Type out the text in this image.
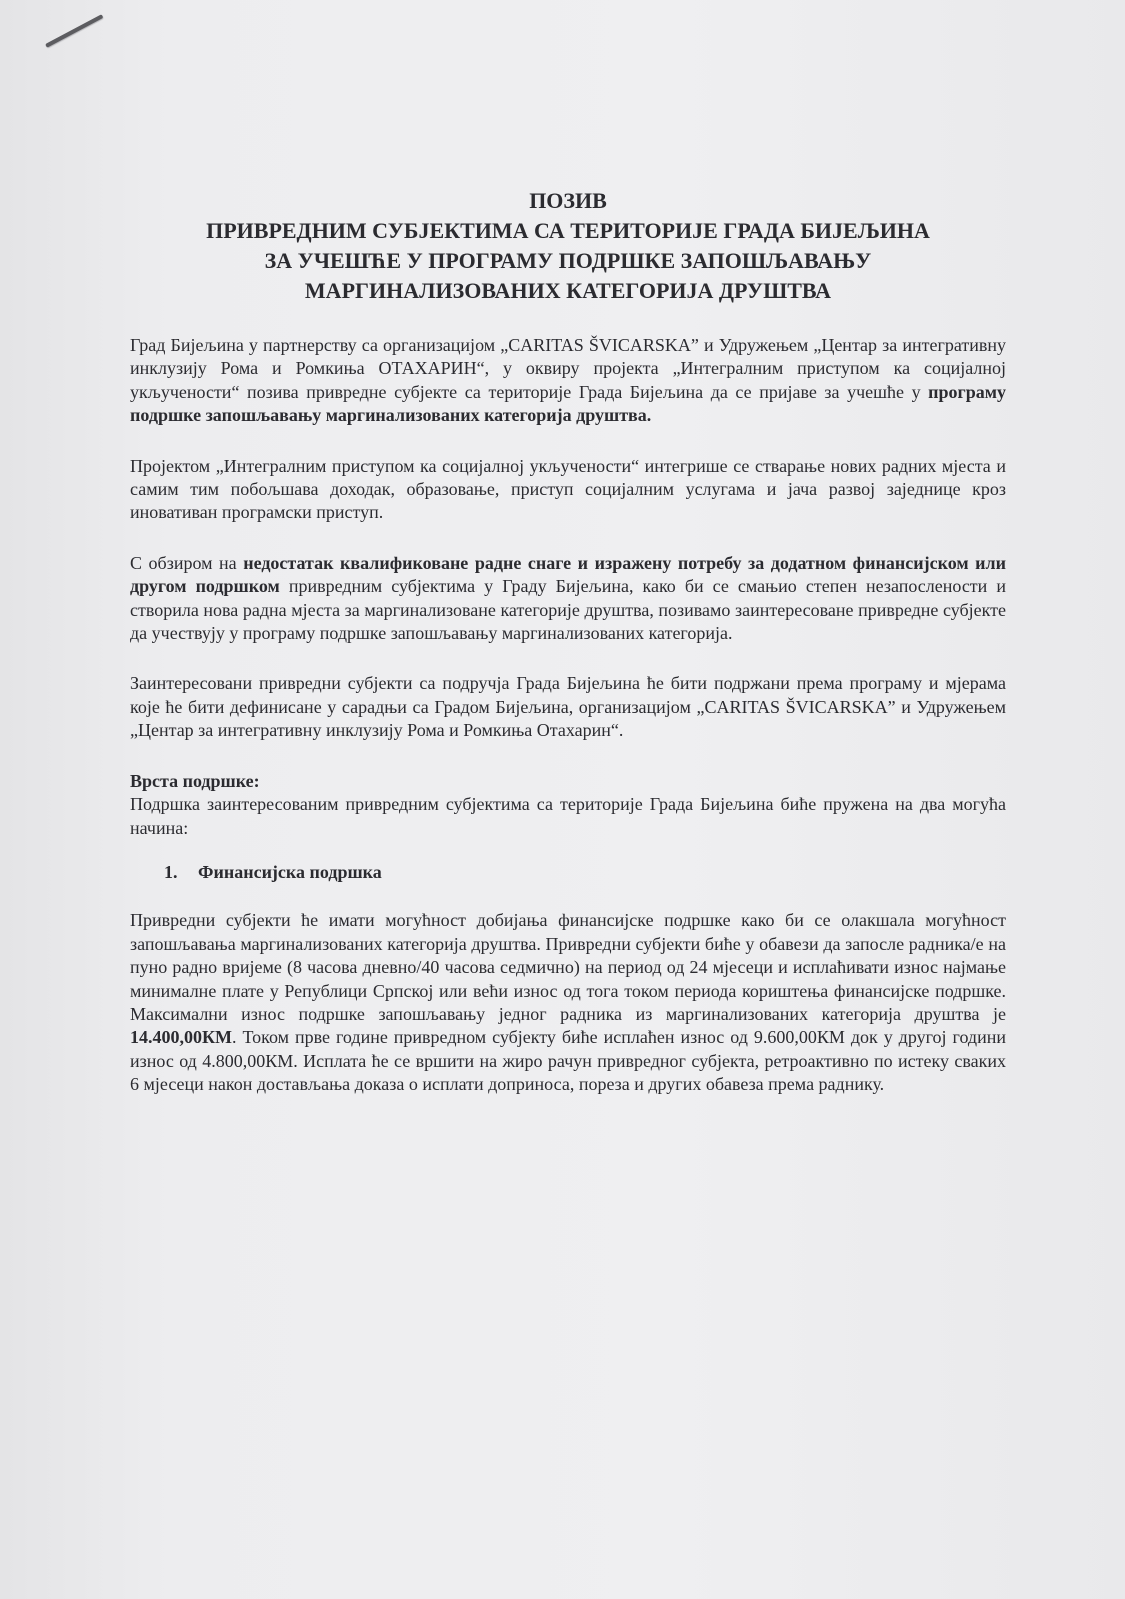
ПОЗИВ
ПРИВРЕДНИМ СУБЈЕКТИМА СА ТЕРИТОРИЈЕ ГРАДА БИЈЕЉИНА
ЗА УЧЕШЋЕ У ПРОГРАМУ ПОДРШКЕ ЗАПОШЉАВАЊУ
МАРГИНАЛИЗОВАНИХ КАТЕГОРИЈА ДРУШТВА

Град Бијељина у партнерству са организацијом „CARITAS ŠVICARSKA” и Удружењем „Центар за интегративну инклузију Рома и Ромкиња ОТАХАРИН“, у оквиру пројекта „Интегралним приступом ка социјалној укључености“ позива привредне субјекте са територије Града Бијељина да се пријаве за учешће у програму подршке запошљавању маргинализованих категорија друштва.

Пројектом „Интегралним приступом ка социјалној укључености“ интегрише се стварање нових радних мјеста и самим тим побољшава доходак, образовање, приступ социјалним услугама и јача развој заједнице кроз иновативан програмски приступ.

С обзиром на недостатак квалификоване радне снаге и изражену потребу за додатном финансијском или другом подршком привредним субјектима у Граду Бијељина, како би се смањио степен незапослености и створила нова радна мјеста за маргинализоване категорије друштва, позивамо заинтересоване привредне субјекте да учествују у програму подршке запошљавању маргинализованих категорија.

Заинтересовани привредни субјекти са подручја Града Бијељина ће бити подржани према програму и мјерама које ће бити дефинисане у сарадњи са Градом Бијељина, организацијом „CARITAS ŠVICARSKA” и Удружењем „Центар за интегративну инклузију Рома и Ромкиња Отахарин“.

Врста подршке:

Подршка заинтересованим привредним субјектима са територије Града Бијељина биће пружена на два могућа начина:

1. Финансијска подршка

Привредни субјекти ће имати могућност добијања финансијске подршке како би се олакшала могућност запошљавања маргинализованих категорија друштва. Привредни субјекти биће у обавези да запосле радника/е на пуно радно вријеме (8 часова дневно/40 часова седмично) на период од 24 мјесеци и исплаћивати износ најмање минималне плате у Републици Српској или већи износ од тога током периода кориштења финансијске подршке. Максимални износ подршке запошљавању једног радника из маргинализованих категорија друштва је 14.400,00КМ. Током прве године привредном субјекту биће исплаћен износ од 9.600,00КМ док у другој години износ од 4.800,00КМ. Исплата ће се вршити на жиро рачун привредног субјекта, ретроактивно по истеку сваких 6 мјесеци након достављања доказа о исплати доприноса, пореза и других обавеза према раднику.
